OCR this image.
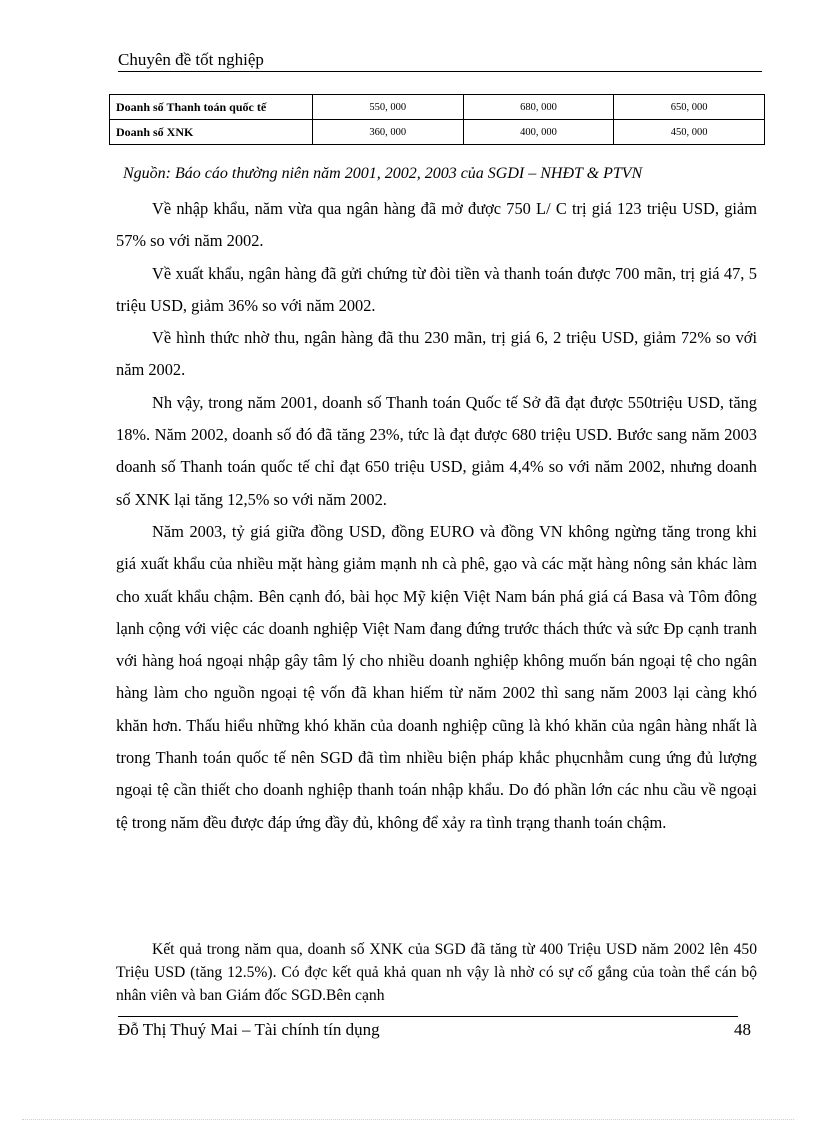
Chuyên đề tốt nghiệp
Doanh số Thanh toán quốc tế	550, 000	680, 000	650, 000
Doanh số XNK	360, 000	400, 000	450, 000
Nguồn: Báo cáo thường niên năm 2001, 2002, 2003 của SGDI – NHĐT & PTVN

Về nhập khẩu, năm vừa qua ngân hàng đã mở được 750 L/ C trị giá 123 triệu USD, giảm 57% so với năm 2002.

Về xuất khẩu, ngân hàng đã gửi chứng từ đòi tiền và thanh toán được 700 mãn, trị giá 47, 5 triệu USD, giảm 36% so với năm 2002.

Về hình thức nhờ thu, ngân hàng đã thu 230 mãn, trị giá 6, 2 triệu USD, giảm 72% so với năm 2002.

Nh vậy, trong năm 2001, doanh số Thanh toán Quốc tế Sở đã đạt được 550triệu USD, tăng 18%. Năm 2002, doanh số đó đã tăng 23%, tức là đạt được 680 triệu USD. Bước sang năm 2003 doanh số Thanh toán quốc tế chỉ đạt 650 triệu USD, giảm 4,4% so với năm 2002, nhưng doanh số XNK lại tăng 12,5% so với năm 2002.

Năm 2003, tỷ giá giữa đồng USD, đồng EURO và đồng VN không ngừng tăng trong khi giá xuất khẩu của nhiều mặt hàng giảm mạnh nh cà phê, gạo và các mặt hàng nông sản khác làm cho xuất khẩu chậm. Bên cạnh đó, bài học Mỹ kiện Việt Nam bán phá giá cá Basa và Tôm đông lạnh cộng với việc các doanh nghiệp Việt Nam đang đứng trước thách thức và sức Đp cạnh tranh với hàng hoá ngoại nhập gây tâm lý cho nhiều doanh nghiệp không muốn bán ngoại tệ cho ngân hàng làm cho nguồn ngoại tệ vốn đã khan hiếm từ năm 2002 thì sang năm 2003 lại càng khó khăn hơn. Thấu hiểu những khó khăn của doanh nghiệp cũng là khó khăn của ngân hàng nhất là trong Thanh toán quốc tế nên SGD đã tìm nhiều biện pháp khắc phụcnhằm cung ứng đủ lượng ngoại tệ cần thiết cho doanh nghiệp thanh toán nhập khẩu. Do đó phần lớn các nhu cầu về ngoại tệ trong năm đều được đáp ứng đầy đủ, không để xảy ra tình trạng thanh toán chậm.

Kết quả trong năm qua, doanh số XNK của SGD đã tăng từ 400 Triệu USD năm 2002 lên 450 Triệu USD (tăng 12.5%). Có đợc kết quả khả quan nh vậy là nhờ có sự cố gắng của toàn thể cán bộ nhân viên và ban Giám đốc SGD.Bên cạnh

Đỗ Thị Thuý Mai – Tài chính tín dụng	48
